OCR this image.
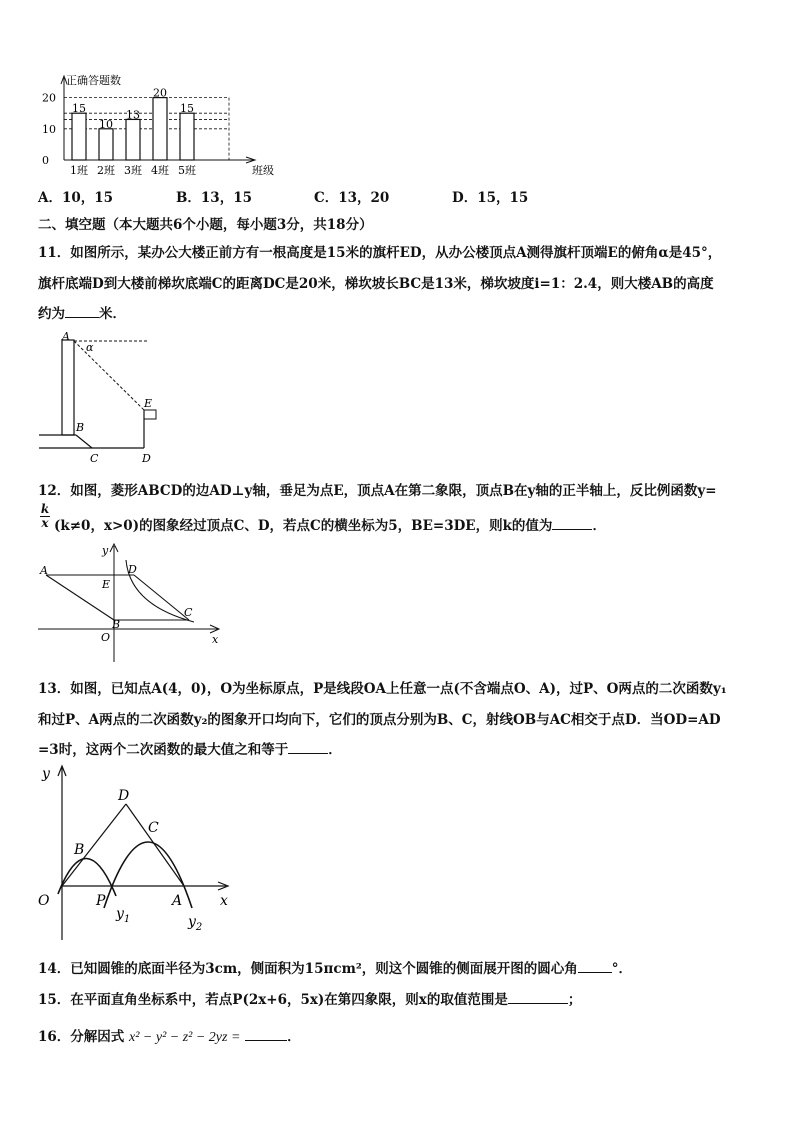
0
10
20
正确答题数
班级
15
1班
10
2班
13
3班
20
4班
15
5班
A．10，15	B．13，15	C．13，20	D．15，15
二、填空题（本大题共6个小题，每小题3分，共18分）
11．如图所示，某办公大楼正前方有一根高度是15米的旗杆ED，从办公楼顶点A测得旗杆顶端E的俯角α是45°，
旗杆底端D到大楼前梯坎底端C的距离DC是20米，梯坎坡长BC是13米，梯坎坡度i=1：2.4，则大楼AB的高度
约为	米．
A
α
E
B
C	D
12．如图，菱形ABCD的边AD⊥y轴，垂足为点E，顶点A在第二象限，顶点B在y轴的正半轴上，反比例函数y=
$\frac{k}{x} (k\ne 0$，x>0)的图象经过顶点C、D，若点C的横坐标为5，BE=3DE，则k的值为	．
y
A
E
D
C
B
O	x
13．如图，已知点A(4，0)，O为坐标原点，P是线段OA上任意一点(不含端点O、A)，过P、O两点的二次函数y₁
和过P、A两点的二次函数y₂的图象开口均向下，它们的顶点分别为B、C，射线OB与AC相交于点D．当OD=AD
=3时，这两个二次函数的最大值之和等于	．
y
D
C
B
O	P	A	x
$y_1$	$y_2$
14．已知圆锥的底面半径为3cm，侧面积为15πcm²，则这个圆锥的侧面展开图的圆心角	°．
15．在平面直角坐标系中，若点P(2x+6，5x)在第四象限，则x的取值范围是	；
16．分解因式 x² − y² − z² − 2yz =	．
